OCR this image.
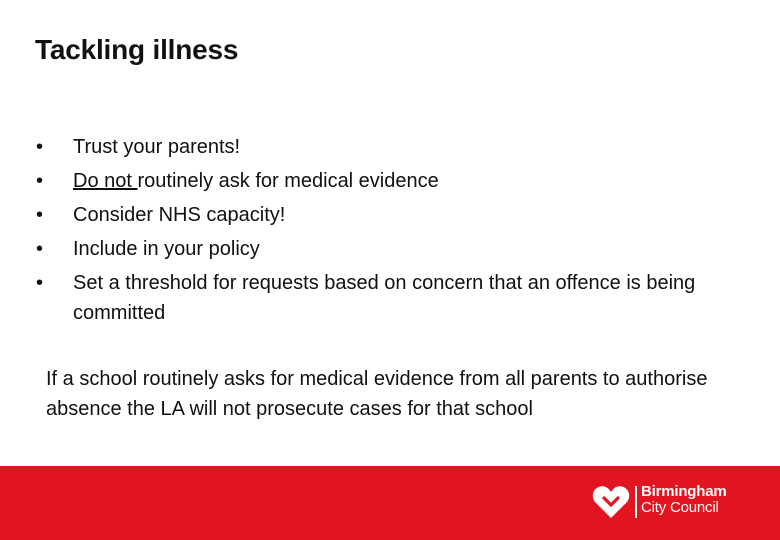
Tackling illness
• Trust your parents!
• Do not routinely ask for medical evidence
• Consider NHS capacity!
• Include in your policy
• Set a threshold for requests based on concern that an offence is being committed

If a school routinely asks for medical evidence from all parents to authorise absence the LA will not prosecute cases for that school

Birmingham
City Council
